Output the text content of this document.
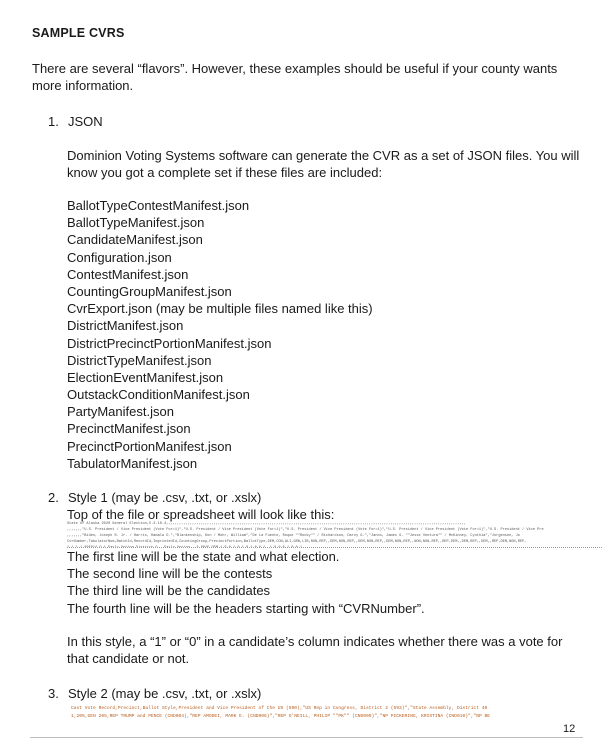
SAMPLE CVRS
There are several “flavors”. However, these examples should be useful if your county wants more information.
1. JSON
Dominion Voting Systems software can generate the CVR as a set of JSON files. You will know you got a complete set if these files are included:
BallotTypeContestManifest.json
BallotTypeManifest.json
CandidateManifest.json
Configuration.json
ContestManifest.json
CountingGroupManifest.json
CvrExport.json (may be multiple files named like this)
DistrictManifest.json
DistrictPrecinctPortionManifest.json
DistrictTypeManifest.json
ElectionEventManifest.json
OutstackConditionManifest.json
PartyManifest.json
PrecinctManifest.json
PrecinctPortionManifest.json
TabulatorManifest.json
2. Style 1 (may be .csv, .txt, or .xslx)
Top of the file or spreadsheet will look like this:
State of Alaska 2020 General Election,5.3.10.4,,,,,,,,,,,,,,,,,,,,,,,,,,,,,,,,,,,,,,,,,,,,,,,,,,,,,,,,,,,,,,,,,,,,,,,,,,,,,,,,,,,,,,,,,,,,,,,,,,,,,,,,,,,,,,,,,,,,,,,,,,,,,,,,,,,,,,,,,,,
,,,,,,,"U.S. President / Vice President (Vote For=1)","U.S. President / Vice President (Vote For=1)","U.S. President / Vice President (Vote For=1)","U.S. President / Vice President (Vote For=1)","U.S. President / Vice Pre
,,,,,,,"Biden, Joseph R. Jr. / Harris, Kamala D.","Blankenship, Don / Mohr, William","De La Fuente, Roque ""Rocky"" / Richardson, Darcy G.","Janos, James G. ""Jesse Ventura"" / McKinney, Cynthia","Jorgensen, Jo
CvrNumber,TabulatorNum,BatchId,RecordId,ImprintedId,CountingGroup,PrecinctPortion,BallotType,DEM,CON,ALI,GRN,LIB,NON,REP,,DEM,NON,REP,,DEM,NON,REP,,DEM,NON,REP,,NON,NON,REP,,REP,DEM,,DEM,REP,,DEM,,REP,DEM,NON,REP,
1,1,1,1,005814-9-1,Early Voting,District 9 - Early Voting - 3,8045 DEM,1,0,0,1,0,1,0,1,0,0,1,,1,0,0,0,1,0,0,1,,,,,,,,,,,,,,,,,,
The first line will be the state and what election.
The second line will be the contests
The third line will be the candidates
The fourth line will be the headers starting with “CVRNumber”.
In this style, a “1” or “0” in a candidate’s column indicates whether there was a vote for that candidate or not.
3. Style 2 (may be .csv, .txt, or .xslx)
Cast Vote Record,Precinct,Ballot Style,President and Vice President of the US (590),"US Rep in Congress, District 2 (593)","State Assembly, District 40
1,205,GEN 205,REP TRUMP and PENCE (CND004),"REP AMODEI, MARK E. (CND006)","REP O'NEILL, PHILIP ""PK"" (CND009)","NP PICKERING, KRISTINA (CND010)","NP BE
12
